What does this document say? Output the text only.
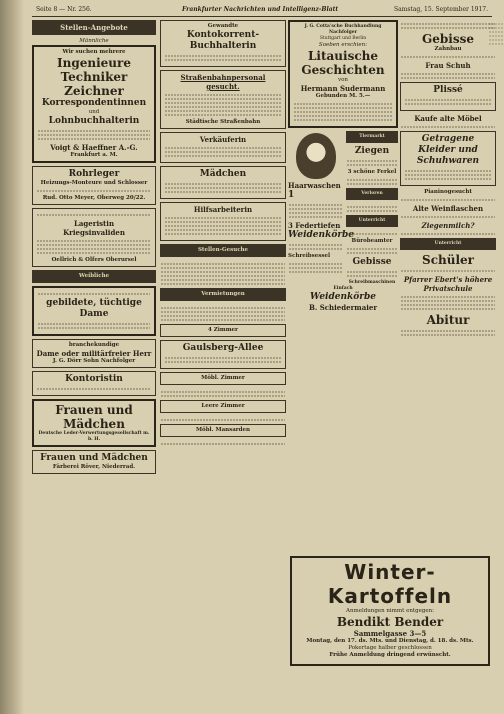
Seite 8 — Nr. 256.	Frankfurter Nachrichten und Intelligenz-Blatt	Samstag, 15. September 1917.
Stellen-Angebote
Männliche
Wir suchen mehrere
Ingenieure
Techniker
Zeichner
Korrespondentinnen
und
Lohnbuchhalterin
Voigt & Haeffner A.-G.
Frankfurt a. M.
Rohrleger
Heizungs-Monteure und Schlosser
Rud. Otto Meyer, Oberweg 20/22.
Lageristin
Kriegsinvaliden
Oellrich & Olfers Oberursel
Weibliche
gebildete, tüchtige Dame
branchekundige
Dame oder militärfreier Herr
J. G. Dörr Sohn Nachfolger
Kontoristin
Frauen und Mädchen
Deutsche Leder-Verwertungsgesellschaft m. b. H.
Frauen und Mädchen
Färberei Röver, Niederrad.
Gewandte
Kontokorrent-Buchhalterin
Straßenbahnpersonal gesucht.
Städtische Straßenbahn
Verkäuferin
Mädchen
Hilfsarbeiterin
Stellen-Gesuche
Vermietungen
4 Zimmer
Gaulsberg-Allee
Möbl. Zimmer
Leere Zimmer
Möbl. Mansarden
J. G. Cotta'sche Buchhandlung Nachfolger
Stuttgart und Berlin
Soeben erschien:
Litauische
Geschichten
von
Hermann Sudermann
Gebunden M. 5.—
Haarwaschen
1
3 Federtiefen
Weidenkörbe
Schreibsessel
Tiermarkt
Ziegen
3 schöne Ferkel
Verloren
Unterricht
Bürobeamter
Gebisse
Schreibmaschinen
Einfach
Weidenkörbe
B. Schiedermaier
Gebisse
Zahnbau
Frau Schuh
Plissé
Kaufe alte Möbel
Getragene Kleider und Schuhwaren
Pianinogesucht
Alte Weinflaschen
Ziegenmilch?
Unterricht
Schüler
Pfarrer Ebert's höhere Privatschule
Abitur
Winter-Kartoffeln
Anmeldungen nimmt entgegen:
Bendikt Bender
Sammelgasse 3—5
Montag, den 17. ds. Mts. und Dienstag, d. 18. ds. Mts.
Pokertage halber geschlossen
Frühe Anmeldung dringend erwünscht.
